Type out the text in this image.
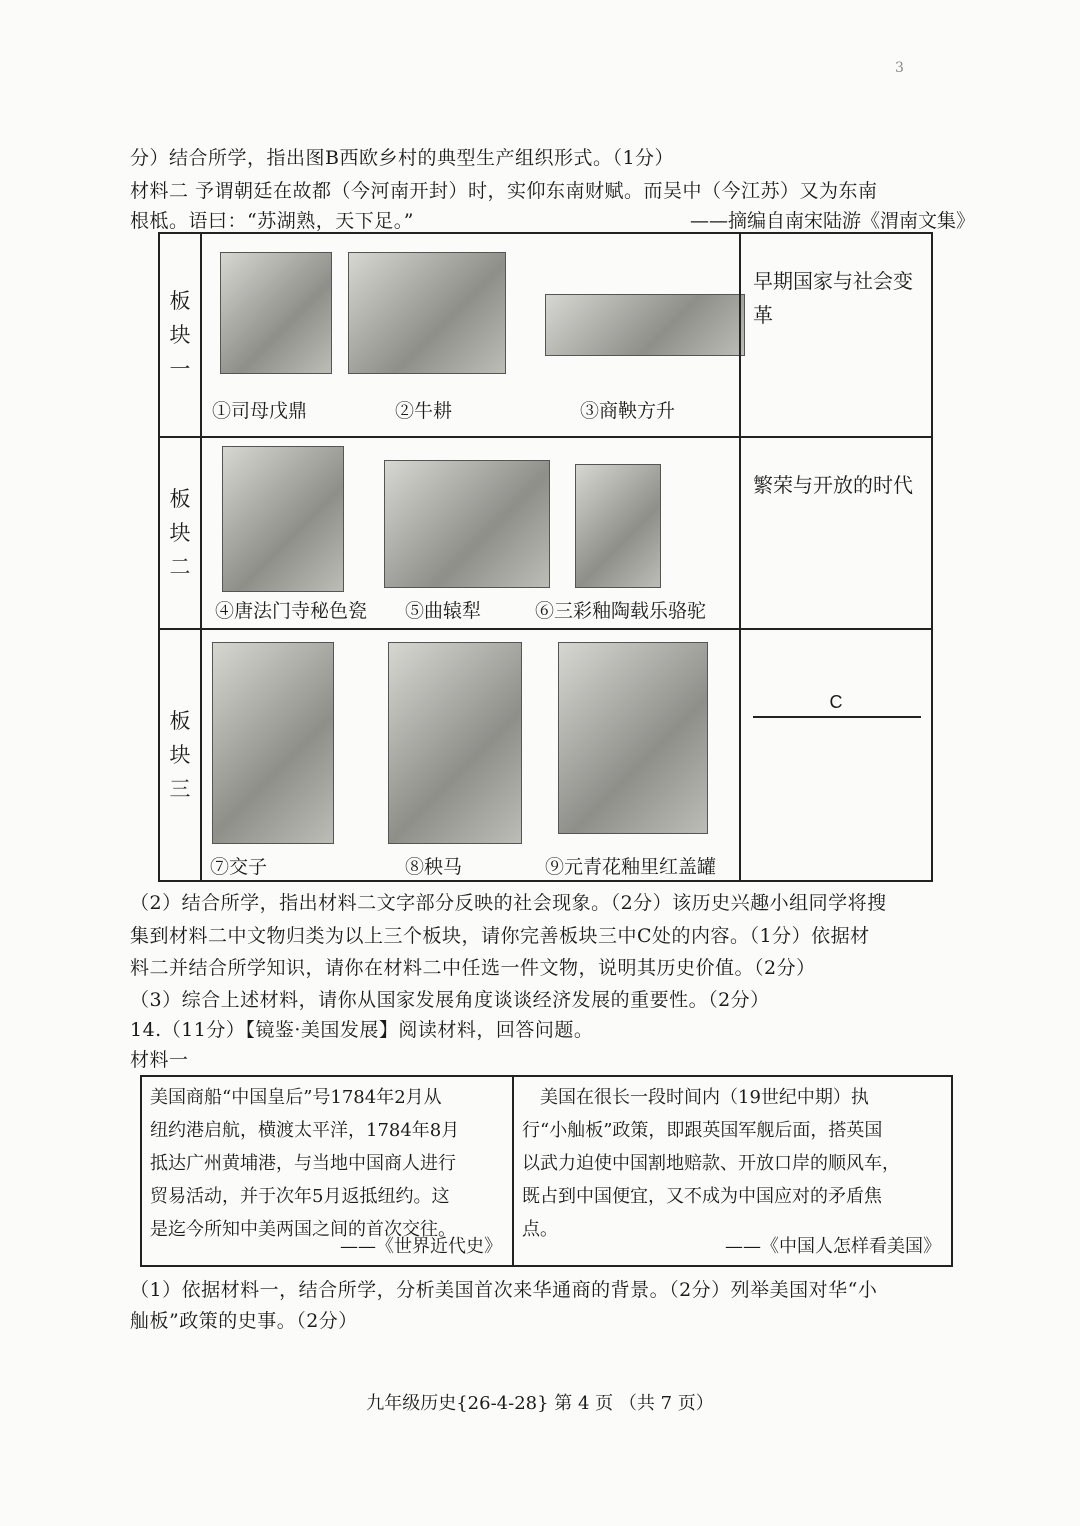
3
分）结合所学，指出图B西欧乡村的典型生产组织形式。（1分）
材料二 予谓朝廷在故都（今河南开封）时，实仰东南财赋。而吴中（今江苏）又为东南
根柢。语曰：“苏湖熟，天下足。”	——摘编自南宋陆游《渭南文集》
板
块
一
①司母戊鼎	②牛耕	③商鞅方升
早期国家与社会变革
板
块
二
④唐法门寺秘色瓷 ⑤曲辕犁	⑥三彩釉陶载乐骆驼
繁荣与开放的时代
板
块
三
⑦交子	⑧秧马	⑨元青花釉里红盖罐
C
（2）结合所学，指出材料二文字部分反映的社会现象。（2分）该历史兴趣小组同学将搜
集到材料二中文物归类为以上三个板块，请你完善板块三中C处的内容。（1分）依据材
料二并结合所学知识，请你在材料二中任选一件文物，说明其历史价值。（2分）
（3）综合上述材料，请你从国家发展角度谈谈经济发展的重要性。（2分）
14.（11分）【镜鉴·美国发展】阅读材料，回答问题。
材料一
美国商船“中国皇后”号1784年2月从
纽约港启航，横渡太平洋，1784年8月
抵达广州黄埔港，与当地中国商人进行
贸易活动，并于次年5月返抵纽约。这
是迄今所知中美两国之间的首次交往。
——《世界近代史》
　美国在很长一段时间内（19世纪中期）执
行“小舢板”政策，即跟英国军舰后面，搭英国
以武力迫使中国割地赔款、开放口岸的顺风车，
既占到中国便宜，又不成为中国应对的矛盾焦
点。
——《中国人怎样看美国》
（1）依据材料一，结合所学，分析美国首次来华通商的背景。（2分）列举美国对华“小
舢板”政策的史事。（2分）
九年级历史{26-4-28} 第 4 页 （共 7 页）
